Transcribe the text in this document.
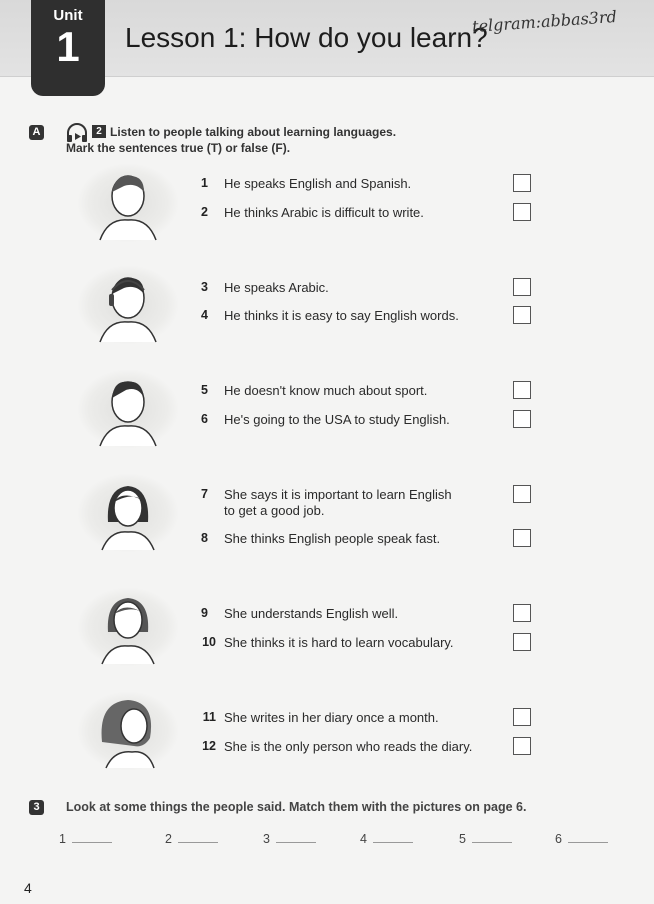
Unit
1	Lesson 1: How do you learn?
telgram:abbas3rd
A	2 Listen to people talking about learning languages.
Mark the sentences true (T) or false (F).
1 He speaks English and Spanish.
2 He thinks Arabic is difficult to write.
3 He speaks Arabic.
4 He thinks it is easy to say English words.
5 He doesn't know much about sport.
6 He's going to the USA to study English.
7 She says it is important to learn English
to get a good job.
8 She thinks English people speak fast.
9 She understands English well.
10 She thinks it is hard to learn vocabulary.
11 She writes in her diary once a month.
12 She is the only person who reads the diary.
3	Look at some things the people said. Match them with the pictures on page 6.
1	2	3	4	5	6
4
